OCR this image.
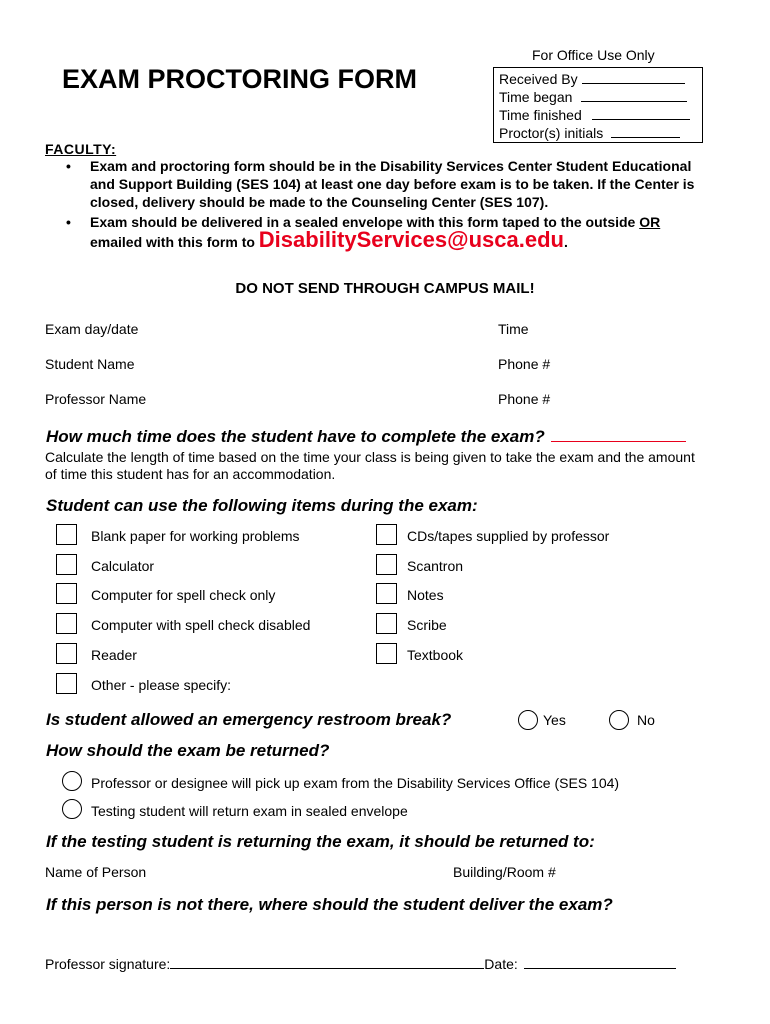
EXAM PROCTORING FORM
For Office Use Only
Received By
Time began
Time finished
Proctor(s) initials
FACULTY:
• Exam and proctoring form should be in the Disability Services Center Student Educational and Support Building (SES 104) at least one day before exam is to be taken. If the Center is closed, delivery should be made to the Counseling Center (SES 107).
• Exam should be delivered in a sealed envelope with this form taped to the outside OR
emailed with this form to DisabilityServices@usca.edu.
DO NOT SEND THROUGH CAMPUS MAIL!
Exam day/date	Time
Student Name	Phone #
Professor Name	Phone #
How much time does the student have to complete the exam?
Calculate the length of time based on the time your class is being given to take the exam and the amount of time this student has for an accommodation.
Student can use the following items during the exam:
Blank paper for working problems
Calculator
Computer for spell check only
Computer with spell check disabled
Reader
Other - please specify:
CDs/tapes supplied by professor
Scantron
Notes
Scribe
Textbook
Is student allowed an emergency restroom break?	Yes	No
How should the exam be returned?
Professor or designee will pick up exam from the Disability Services Office (SES 104)
Testing student will return exam in sealed envelope
If the testing student is returning the exam, it should be returned to:
Name of Person	Building/Room #
If this person is not there, where should the student deliver the exam?
Professor signature:	Date:
